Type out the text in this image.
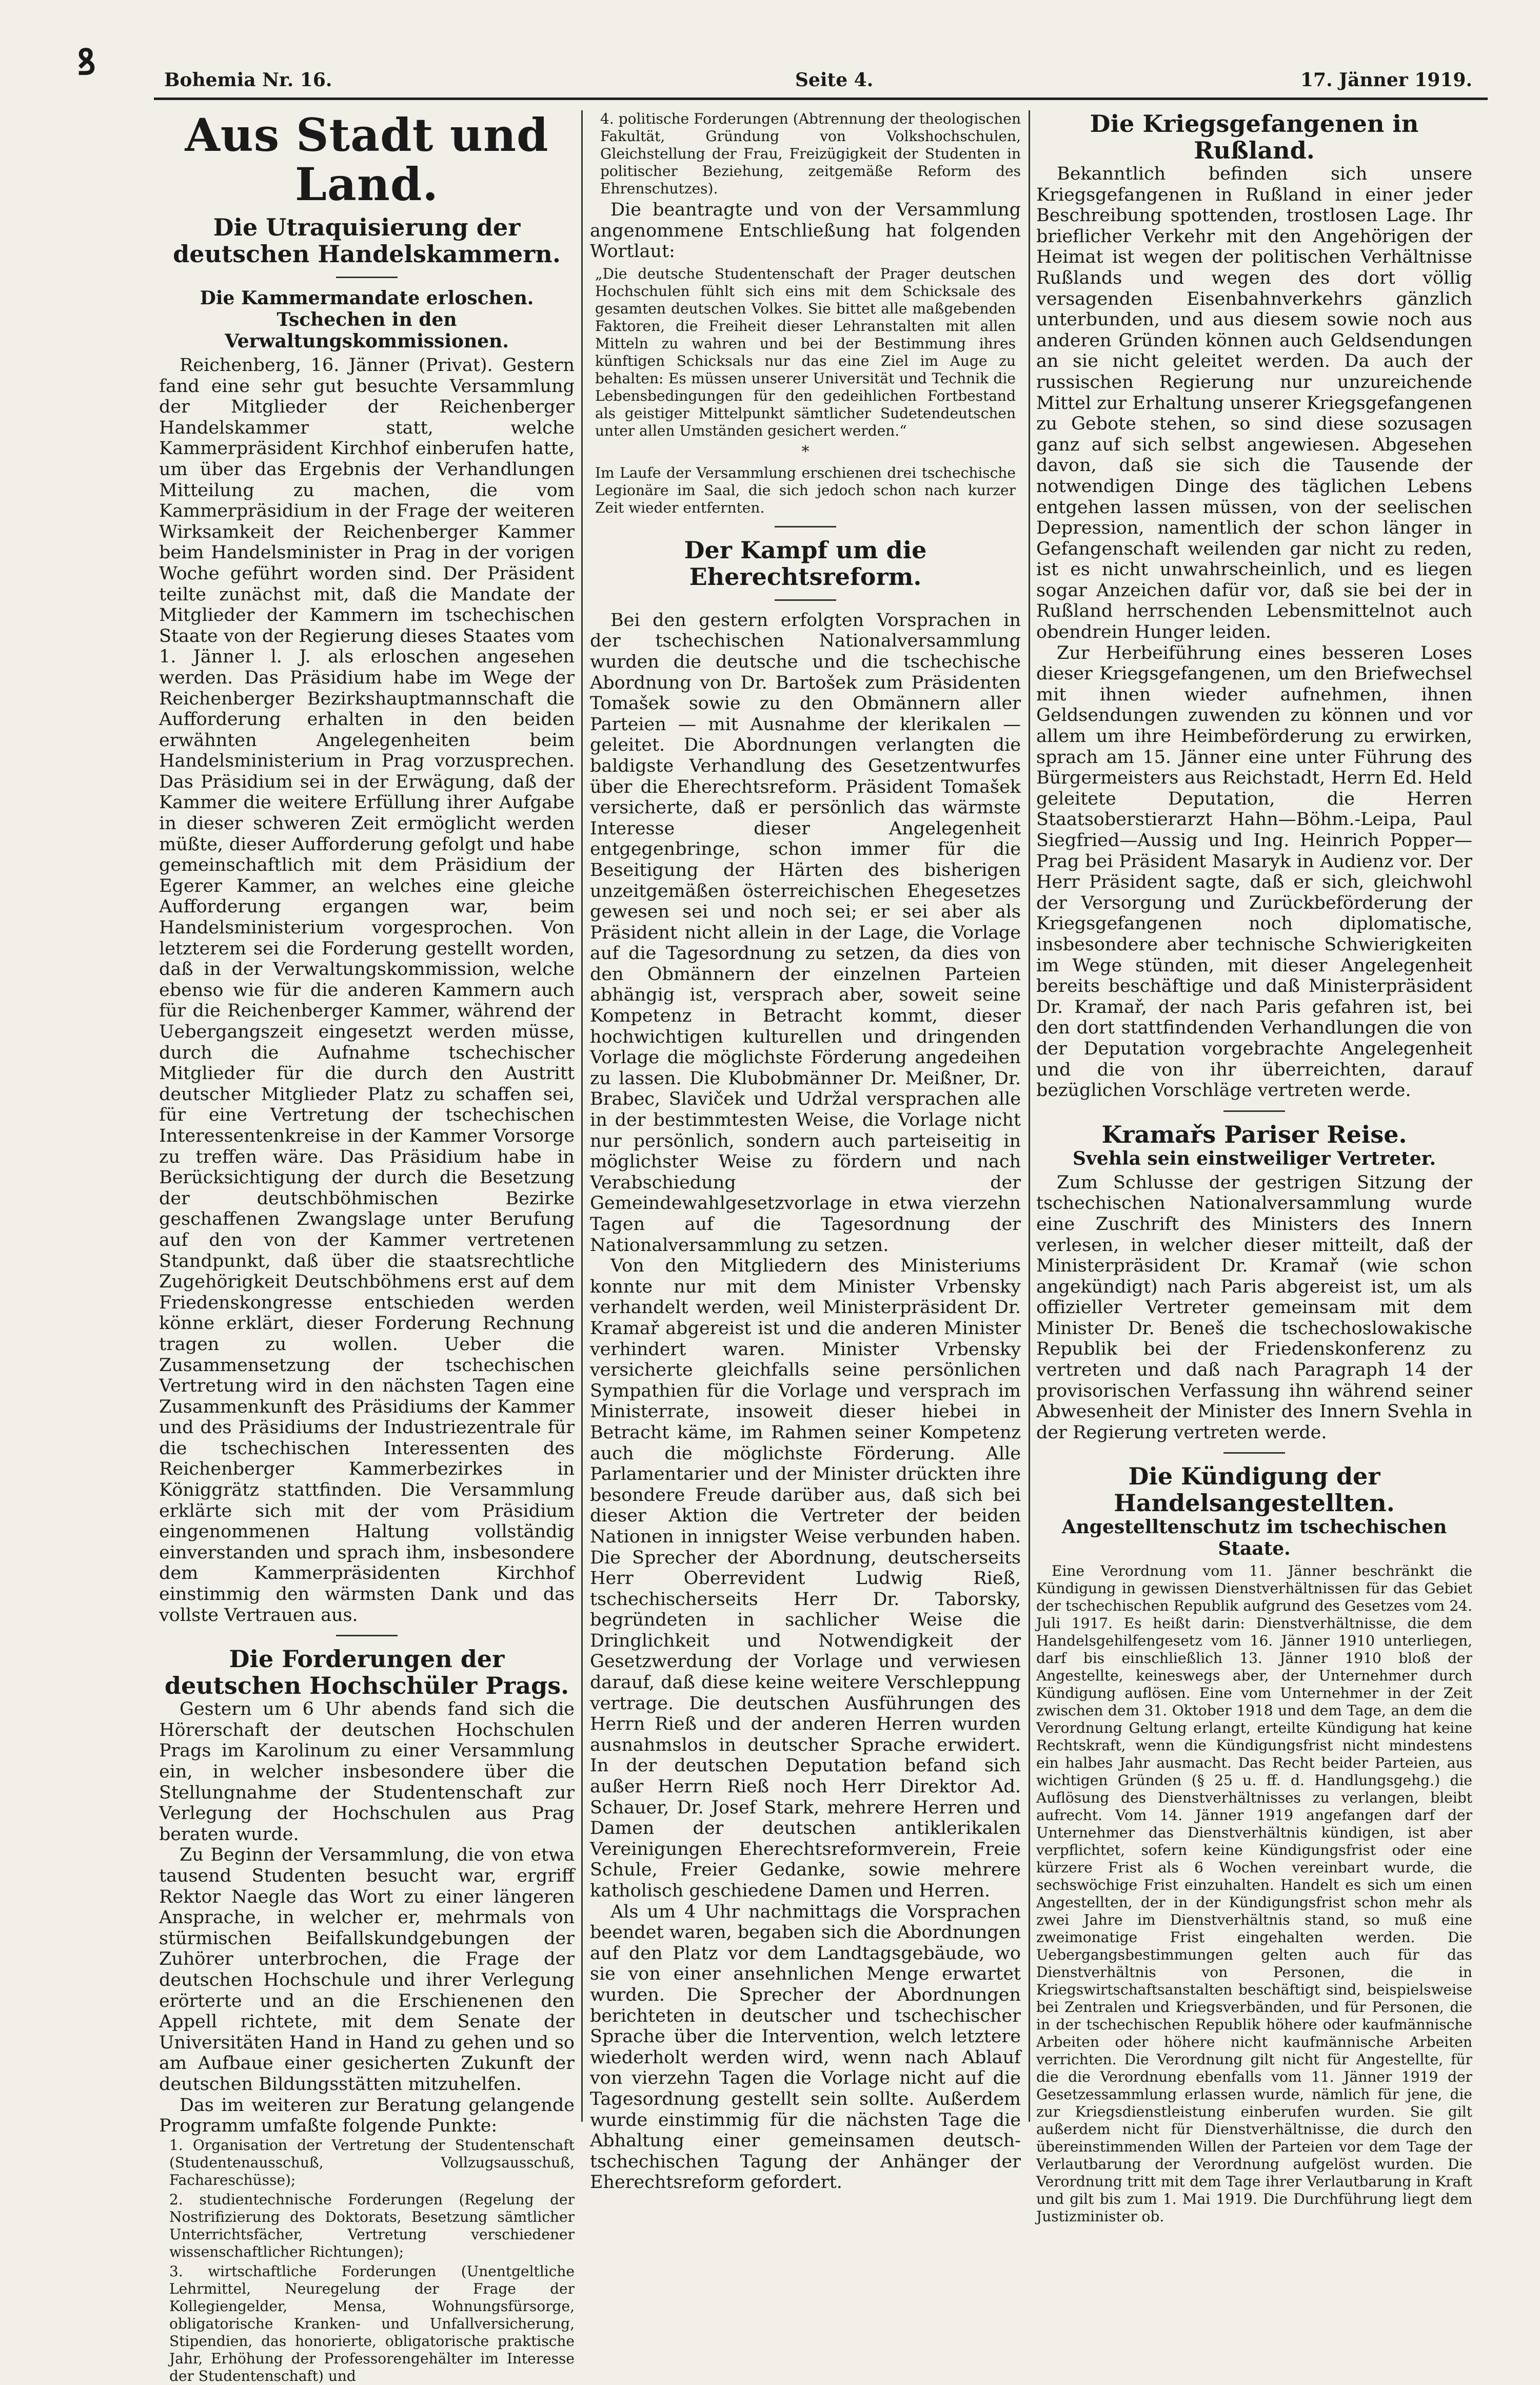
Bohemia Nr. 16.	Seite 4.	17. Jänner 1919.
Aus Stadt und Land.
Die Utraquisierung der deutschen Handelskammern.
Die Kammermandate erloschen. Tschechen in den Verwaltungskommissionen.

Reichenberg, 16. Jänner (Privat). Gestern fand eine sehr gut besuchte Versammlung der Mitglieder der Reichenberger Handelskammer statt, welche Kammerpräsident Kirchhof einberufen hatte, um über das Ergebnis der Verhandlungen Mitteilung zu machen, die vom Kammerpräsidium in der Frage der weiteren Wirksamkeit der Reichenberger Kammer beim Handelsminister in Prag in der vorigen Woche geführt worden sind. Der Präsident teilte zunächst mit, daß die Mandate der Mitglieder der Kammern im tschechischen Staate von der Regierung dieses Staates vom 1. Jänner l. J. als erloschen angesehen werden. Das Präsidium habe im Wege der Reichenberger Bezirkshauptmannschaft die Aufforderung erhalten in den beiden erwähnten Angelegenheiten beim Handelsministerium in Prag vorzusprechen. Das Präsidium sei in der Erwägung, daß der Kammer die weitere Erfüllung ihrer Aufgabe in dieser schweren Zeit ermöglicht werden müßte, dieser Aufforderung gefolgt und habe gemeinschaftlich mit dem Präsidium der Egerer Kammer, an welches eine gleiche Aufforderung ergangen war, beim Handelsministerium vorgesprochen. Von letzterem sei die Forderung gestellt worden, daß in der Verwaltungskommission, welche ebenso wie für die anderen Kammern auch für die Reichenberger Kammer, während der Uebergangszeit eingesetzt werden müsse, durch die Aufnahme tschechischer Mitglieder für die durch den Austritt deutscher Mitglieder Platz zu schaffen sei, für eine Vertretung der tschechischen Interessentenkreise in der Kammer Vorsorge zu treffen wäre. Das Präsidium habe in Berücksichtigung der durch die Besetzung der deutschböhmischen Bezirke geschaffenen Zwangslage unter Berufung auf den von der Kammer vertretenen Standpunkt, daß über die staatsrechtliche Zugehörigkeit Deutschböhmens erst auf dem Friedenskongresse entschieden werden könne erklärt, dieser Forderung Rechnung tragen zu wollen. Ueber die Zusammensetzung der tschechischen Vertretung wird in den nächsten Tagen eine Zusammenkunft des Präsidiums der Kammer und des Präsidiums der Industriezentrale für die tschechischen Interessenten des Reichenberger Kammerbezirkes in Königgrätz stattfinden. Die Versammlung erklärte sich mit der vom Präsidium eingenommenen Haltung vollständig einverstanden und sprach ihm, insbesondere dem Kammerpräsidenten Kirchhof einstimmig den wärmsten Dank und das vollste Vertrauen aus.

Die Forderungen der deutschen Hochschüler Prags.

Gestern um 6 Uhr abends fand sich die Hörerschaft der deutschen Hochschulen Prags im Karolinum zu einer Versammlung ein, in welcher insbesondere über die Stellungnahme der Studentenschaft zur Verlegung der Hochschulen aus Prag beraten wurde.

Zu Beginn der Versammlung, die von etwa tausend Studenten besucht war, ergriff Rektor Naegle das Wort zu einer längeren Ansprache, in welcher er, mehrmals von stürmischen Beifallskundgebungen der Zuhörer unterbrochen, die Frage der deutschen Hochschule und ihrer Verlegung erörterte und an die Erschienenen den Appell richtete, mit dem Senate der Universitäten Hand in Hand zu gehen und so am Aufbaue einer gesicherten Zukunft der deutschen Bildungsstätten mitzuhelfen.

Das im weiteren zur Beratung gelangende Programm umfaßte folgende Punkte:

1. Organisation der Vertretung der Studentenschaft (Studentenausschuß, Vollzugsausschuß, Fachareschüsse);

2. studientechnische Forderungen (Regelung der Nostrifizierung des Doktorats, Besetzung sämtlicher Unterrichtsfächer, Vertretung verschiedener wissenschaftlicher Richtungen);

3. wirtschaftliche Forderungen (Unentgeltliche Lehrmittel, Neuregelung der Frage der Kollegiengelder, Mensa, Wohnungsfürsorge, obligatorische Kranken- und Unfallversicherung, Stipendien, das honorierte, obligatorische praktische Jahr, Erhöhung der Professorengehälter im Interesse der Studentenschaft) und

4. politische Forderungen (Abtrennung der theologischen Fakultät, Gründung von Volkshochschulen, Gleichstellung der Frau, Freizügigkeit der Studenten in politischer Beziehung, zeitgemäße Reform des Ehrenschutzes).

Die beantragte und von der Versammlung angenommene Entschließung hat folgenden Wortlaut:

„Die deutsche Studentenschaft der Prager deutschen Hochschulen fühlt sich eins mit dem Schicksale des gesamten deutschen Volkes. Sie bittet alle maßgebenden Faktoren, die Freiheit dieser Lehranstalten mit allen Mitteln zu wahren und bei der Bestimmung ihres künftigen Schicksals nur das eine Ziel im Auge zu behalten: Es müssen unserer Universität und Technik die Lebensbedingungen für den gedeihlichen Fortbestand als geistiger Mittelpunkt sämtlicher Sudetendeutschen unter allen Umständen gesichert werden.“
*
Im Laufe der Versammlung erschienen drei tschechische Legionäre im Saal, die sich jedoch schon nach kurzer Zeit wieder entfernten.
Der Kampf um die Eherechtsreform.

Bei den gestern erfolgten Vorsprachen in der tschechischen Nationalversammlung wurden die deutsche und die tschechische Abordnung von Dr. Bartošek zum Präsidenten Tomašek sowie zu den Obmännern aller Parteien — mit Ausnahme der klerikalen — geleitet. Die Abordnungen verlangten die baldigste Verhandlung des Gesetzentwurfes über die Eherechtsreform. Präsident Tomašek versicherte, daß er persönlich das wärmste Interesse dieser Angelegenheit entgegenbringe, schon immer für die Beseitigung der Härten des bisherigen unzeitgemäßen österreichischen Ehegesetzes gewesen sei und noch sei; er sei aber als Präsident nicht allein in der Lage, die Vorlage auf die Tagesordnung zu setzen, da dies von den Obmännern der einzelnen Parteien abhängig ist, versprach aber, soweit seine Kompetenz in Betracht kommt, dieser hochwichtigen kulturellen und dringenden Vorlage die möglichste Förderung angedeihen zu lassen. Die Klubobmänner Dr. Meißner, Dr. Brabec, Slaviček und Udržal versprachen alle in der bestimmtesten Weise, die Vorlage nicht nur persönlich, sondern auch parteiseitig in möglichster Weise zu fördern und nach Verabschiedung der Gemeindewahlgesetzvorlage in etwa vierzehn Tagen auf die Tagesordnung der Nationalversammlung zu setzen.

Von den Mitgliedern des Ministeriums konnte nur mit dem Minister Vrbensky verhandelt werden, weil Ministerpräsident Dr. Kramař abgereist ist und die anderen Minister verhindert waren. Minister Vrbensky versicherte gleichfalls seine persönlichen Sympathien für die Vorlage und versprach im Ministerrate, insoweit dieser hiebei in Betracht käme, im Rahmen seiner Kompetenz auch die möglichste Förderung. Alle Parlamentarier und der Minister drückten ihre besondere Freude darüber aus, daß sich bei dieser Aktion die Vertreter der beiden Nationen in innigster Weise verbunden haben. Die Sprecher der Abordnung, deutscherseits Herr Oberrevident Ludwig Rieß, tschechischerseits Herr Dr. Taborsky, begründeten in sachlicher Weise die Dringlichkeit und Notwendigkeit der Gesetzwerdung der Vorlage und verwiesen darauf, daß diese keine weitere Verschleppung vertrage. Die deutschen Ausführungen des Herrn Rieß und der anderen Herren wurden ausnahmslos in deutscher Sprache erwidert. In der deutschen Deputation befand sich außer Herrn Rieß noch Herr Direktor Ad. Schauer, Dr. Josef Stark, mehrere Herren und Damen der deutschen antiklerikalen Vereinigungen Eherechtsreformverein, Freie Schule, Freier Gedanke, sowie mehrere katholisch geschiedene Damen und Herren.

Als um 4 Uhr nachmittags die Vorsprachen beendet waren, begaben sich die Abordnungen auf den Platz vor dem Landtagsgebäude, wo sie von einer ansehnlichen Menge erwartet wurden. Die Sprecher der Abordnungen berichteten in deutscher und tschechischer Sprache über die Intervention, welch letztere wiederholt werden wird, wenn nach Ablauf von vierzehn Tagen die Vorlage nicht auf die Tagesordnung gestellt sein sollte. Außerdem wurde einstimmig für die nächsten Tage die Abhaltung einer gemeinsamen deutsch-tschechischen Tagung der Anhänger der Eherechtsreform gefordert.

Die Kriegsgefangenen in Rußland.

Bekanntlich befinden sich unsere Kriegsgefangenen in Rußland in einer jeder Beschreibung spottenden, trostlosen Lage. Ihr brieflicher Verkehr mit den Angehörigen der Heimat ist wegen der politischen Verhältnisse Rußlands und wegen des dort völlig versagenden Eisenbahnverkehrs gänzlich unterbunden, und aus diesem sowie noch aus anderen Gründen können auch Geldsendungen an sie nicht geleitet werden. Da auch der russischen Regierung nur unzureichende Mittel zur Erhaltung unserer Kriegsgefangenen zu Gebote stehen, so sind diese sozusagen ganz auf sich selbst angewiesen. Abgesehen davon, daß sie sich die Tausende der notwendigen Dinge des täglichen Lebens entgehen lassen müssen, von der seelischen Depression, namentlich der schon länger in Gefangenschaft weilenden gar nicht zu reden, ist es nicht unwahrscheinlich, und es liegen sogar Anzeichen dafür vor, daß sie bei der in Rußland herrschenden Lebensmittelnot auch obendrein Hunger leiden.

Zur Herbeiführung eines besseren Loses dieser Kriegsgefangenen, um den Briefwechsel mit ihnen wieder aufnehmen, ihnen Geldsendungen zuwenden zu können und vor allem um ihre Heimbeförderung zu erwirken, sprach am 15. Jänner eine unter Führung des Bürgermeisters aus Reichstadt, Herrn Ed. Held geleitete Deputation, die Herren Staatsoberstierarzt Hahn—Böhm.-Leipa, Paul Siegfried—Aussig und Ing. Heinrich Popper—Prag bei Präsident Masaryk in Audienz vor. Der Herr Präsident sagte, daß er sich, gleichwohl der Versorgung und Zurückbeförderung der Kriegsgefangenen noch diplomatische, insbesondere aber technische Schwierigkeiten im Wege stünden, mit dieser Angelegenheit bereits beschäftige und daß Ministerpräsident Dr. Kramař, der nach Paris gefahren ist, bei den dort stattfindenden Verhandlungen die von der Deputation vorgebrachte Angelegenheit und die von ihr überreichten, darauf bezüglichen Vorschläge vertreten werde.

Kramařs Pariser Reise.
Svehla sein einstweiliger Vertreter.

Zum Schlusse der gestrigen Sitzung der tschechischen Nationalversammlung wurde eine Zuschrift des Ministers des Innern verlesen, in welcher dieser mitteilt, daß der Ministerpräsident Dr. Kramař (wie schon angekündigt) nach Paris abgereist ist, um als offizieller Vertreter gemeinsam mit dem Minister Dr. Beneš die tschechoslowakische Republik bei der Friedenskonferenz zu vertreten und daß nach Paragraph 14 der provisorischen Verfassung ihn während seiner Abwesenheit der Minister des Innern Svehla in der Regierung vertreten werde.

Die Kündigung der Handelsangestellten.
Angestelltenschutz im tschechischen Staate.

Eine Verordnung vom 11. Jänner beschränkt die Kündigung in gewissen Dienstverhältnissen für das Gebiet der tschechischen Republik aufgrund des Gesetzes vom 24. Juli 1917. Es heißt darin: Dienstverhältnisse, die dem Handelsgehilfengesetz vom 16. Jänner 1910 unterliegen, darf bis einschließlich 13. Jänner 1910 bloß der Angestellte, keineswegs aber, der Unternehmer durch Kündigung auflösen. Eine vom Unternehmer in der Zeit zwischen dem 31. Oktober 1918 und dem Tage, an dem die Verordnung Geltung erlangt, erteilte Kündigung hat keine Rechtskraft, wenn die Kündigungsfrist nicht mindestens ein halbes Jahr ausmacht. Das Recht beider Parteien, aus wichtigen Gründen (§ 25 u. ff. d. Handlungsgehg.) die Auflösung des Dienstverhältnisses zu verlangen, bleibt aufrecht. Vom 14. Jänner 1919 angefangen darf der Unternehmer das Dienstverhältnis kündigen, ist aber verpflichtet, sofern keine Kündigungsfrist oder eine kürzere Frist als 6 Wochen vereinbart wurde, die sechswöchige Frist einzuhalten. Handelt es sich um einen Angestellten, der in der Kündigungsfrist schon mehr als zwei Jahre im Dienstverhältnis stand, so muß eine zweimonatige Frist eingehalten werden. Die Uebergangsbestimmungen gelten auch für das Dienstverhältnis von Personen, die in Kriegswirtschaftsanstalten beschäftigt sind, beispielsweise bei Zentralen und Kriegsverbänden, und für Personen, die in der tschechischen Republik höhere oder kaufmännische Arbeiten oder höhere nicht kaufmännische Arbeiten verrichten. Die Verordnung gilt nicht für Angestellte, für die die Verordnung ebenfalls vom 11. Jänner 1919 der Gesetzessammlung erlassen wurde, nämlich für jene, die zur Kriegsdienstleistung einberufen wurden. Sie gilt außerdem nicht für Dienstverhältnisse, die durch den übereinstimmenden Willen der Parteien vor dem Tage der Verlautbarung der Verordnung aufgelöst wurden. Die Verordnung tritt mit dem Tage ihrer Verlautbarung in Kraft und gilt bis zum 1. Mai 1919. Die Durchführung liegt dem Justizminister ob.

ꝸ
